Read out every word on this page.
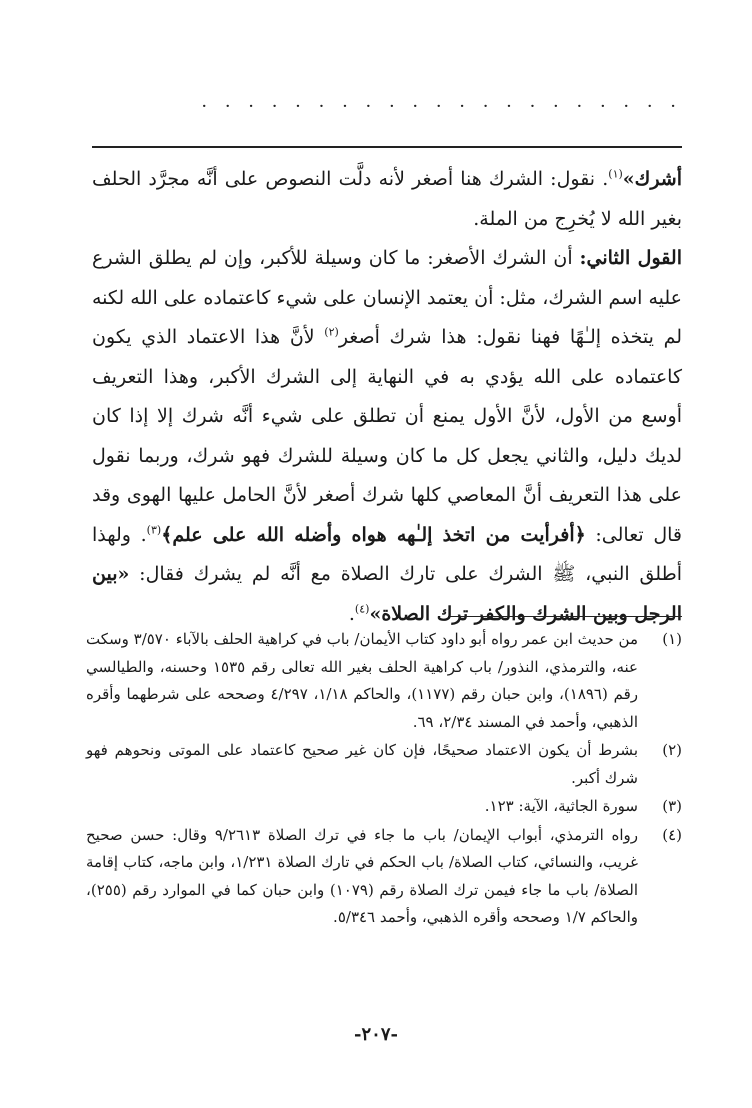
· · · · · · · · · · · · · · · · · · · · ·

أشرك»$^{(١)}$. نقول: الشرك هنا أصغر لأنه دلَّت النصوص على أنَّه مجرَّد الحلف بغير الله لا يُخرِج من الملة.

القول الثاني: أن الشرك الأصغر: ما كان وسيلة للأكبر، وإن لم يطلق الشرع عليه اسم الشرك، مثل: أن يعتمد الإنسان على شيء كاعتماده على الله لكنه لم يتخذه إلـٰهًا فهنا نقول: هذا شرك أصغر$^{(٢)}$ لأنَّ هذا الاعتماد الذي يكون كاعتماده على الله يؤدي به في النهاية إلى الشرك الأكبر، وهذا التعريف أوسع من الأول، لأنَّ الأول يمنع أن تطلق على شيء أنَّه شرك إلا إذا كان لديك دليل، والثاني يجعل كل ما كان وسيلة للشرك فهو شرك، وربما نقول على هذا التعريف أنَّ المعاصي كلها شرك أصغر لأنَّ الحامل عليها الهوى وقد قال تعالى: ﴿أفرأيت من اتخذ إلـٰهه هواه وأضله الله على علم﴾$^{(٣)}$. ولهذا أطلق النبي، ﷺ الشرك على تارك الصلاة مع أنَّه لم يشرك فقال: «بين الرجل وبين الشرك والكفر ترك الصلاة»$^{(٤)}$.

(١)
من حديث ابن عمر رواه أبو داود كتاب الأيمان/ باب في كراهية الحلف بالآباء ٣/٥٧٠ وسكت عنه، والترمذي، النذور/ باب كراهية الحلف بغير الله تعالى رقم ١٥٣٥ وحسنه، والطيالسي رقم (١٨٩٦)، وابن حبان رقم (١١٧٧)، والحاكم ١/١٨، ٤/٢٩٧ وصححه على شرطهما وأقره الذهبي، وأحمد في المسند ٢/٣٤، ٦٩.
(٢)
بشرط أن يكون الاعتماد صحيحًا، فإن كان غير صحيح كاعتماد على الموتى ونحوهم فهو شرك أكبر.
(٣)
سورة الجاثية، الآية: ١٢٣.
(٤)
رواه الترمذي، أبواب الإيمان/ باب ما جاء في ترك الصلاة ٩/٢٦١٣ وقال: حسن صحيح غريب، والنسائي، كتاب الصلاة/ باب الحكم في تارك الصلاة ١/٢٣١، وابن ماجه، كتاب إقامة الصلاة/ باب ما جاء فيمن ترك الصلاة رقم (١٠٧٩) وابن حبان كما في الموارد رقم (٢٥٥)، والحاكم ١/٧ وصححه وأقره الذهبي، وأحمد ٥/٣٤٦.
-٢٠٧-
